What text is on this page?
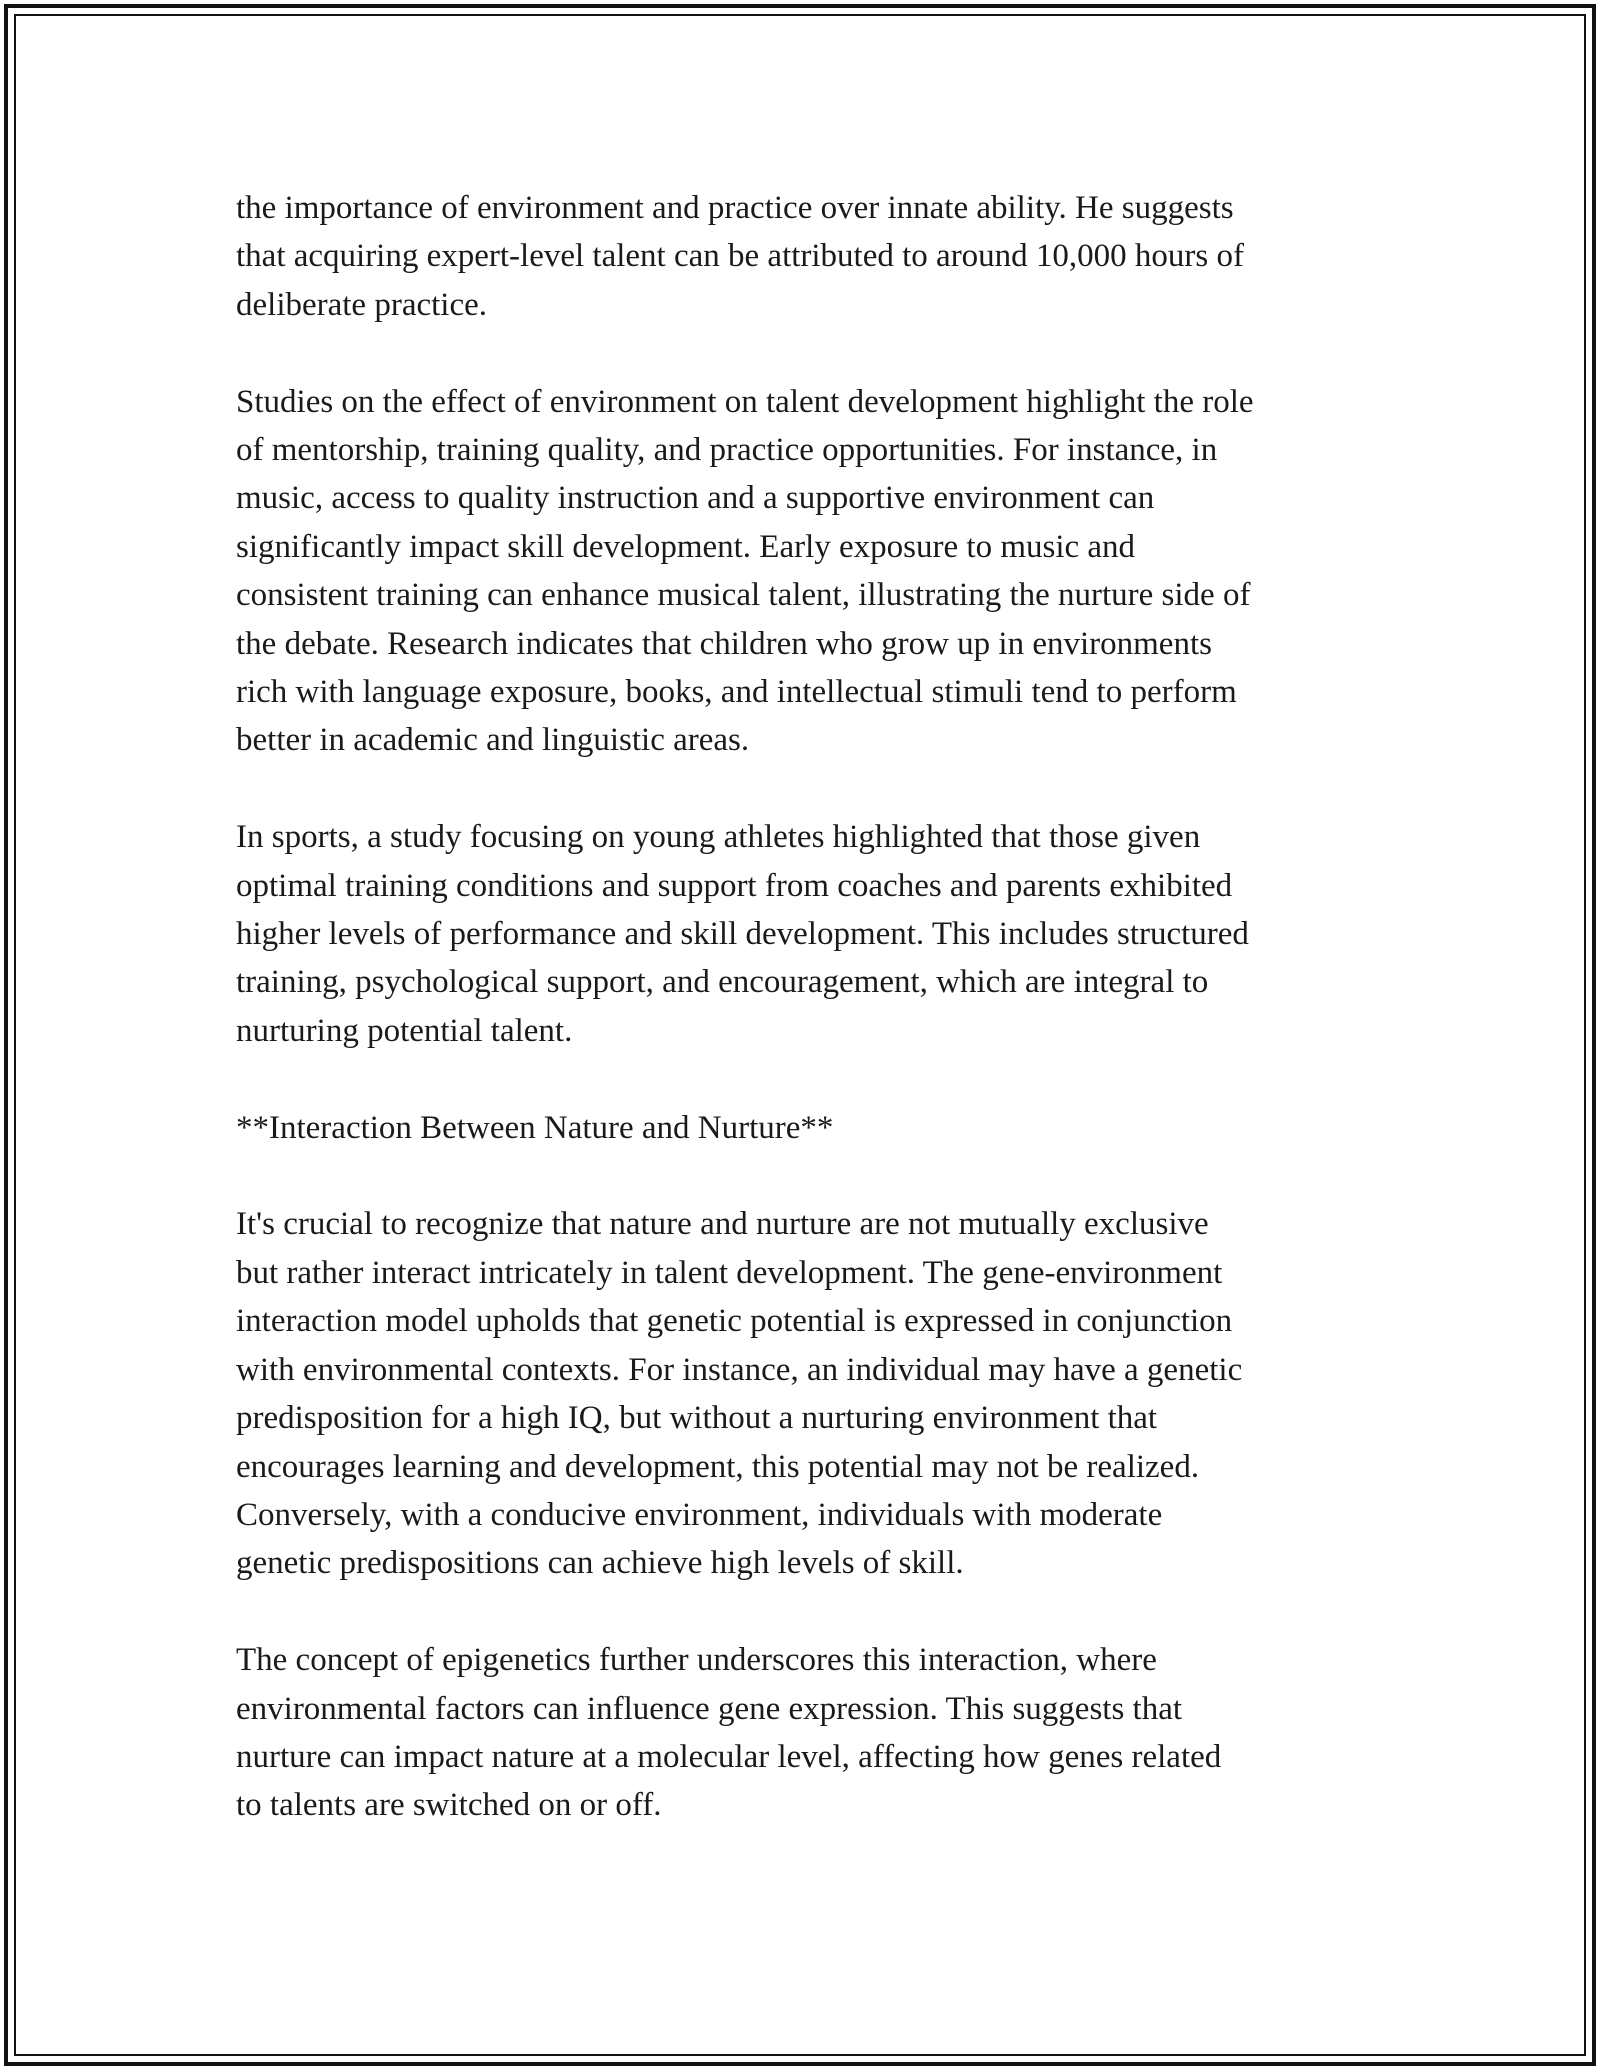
the importance of environment and practice over innate ability. He suggests
that acquiring expert-level talent can be attributed to around 10,000 hours of
deliberate practice.

Studies on the effect of environment on talent development highlight the role
of mentorship, training quality, and practice opportunities. For instance, in
music, access to quality instruction and a supportive environment can
significantly impact skill development. Early exposure to music and
consistent training can enhance musical talent, illustrating the nurture side of
the debate. Research indicates that children who grow up in environments
rich with language exposure, books, and intellectual stimuli tend to perform
better in academic and linguistic areas.

In sports, a study focusing on young athletes highlighted that those given
optimal training conditions and support from coaches and parents exhibited
higher levels of performance and skill development. This includes structured
training, psychological support, and encouragement, which are integral to
nurturing potential talent.

**Interaction Between Nature and Nurture**

It's crucial to recognize that nature and nurture are not mutually exclusive
but rather interact intricately in talent development. The gene-environment
interaction model upholds that genetic potential is expressed in conjunction
with environmental contexts. For instance, an individual may have a genetic
predisposition for a high IQ, but without a nurturing environment that
encourages learning and development, this potential may not be realized.
Conversely, with a conducive environment, individuals with moderate
genetic predispositions can achieve high levels of skill.

The concept of epigenetics further underscores this interaction, where
environmental factors can influence gene expression. This suggests that
nurture can impact nature at a molecular level, affecting how genes related
to talents are switched on or off.
